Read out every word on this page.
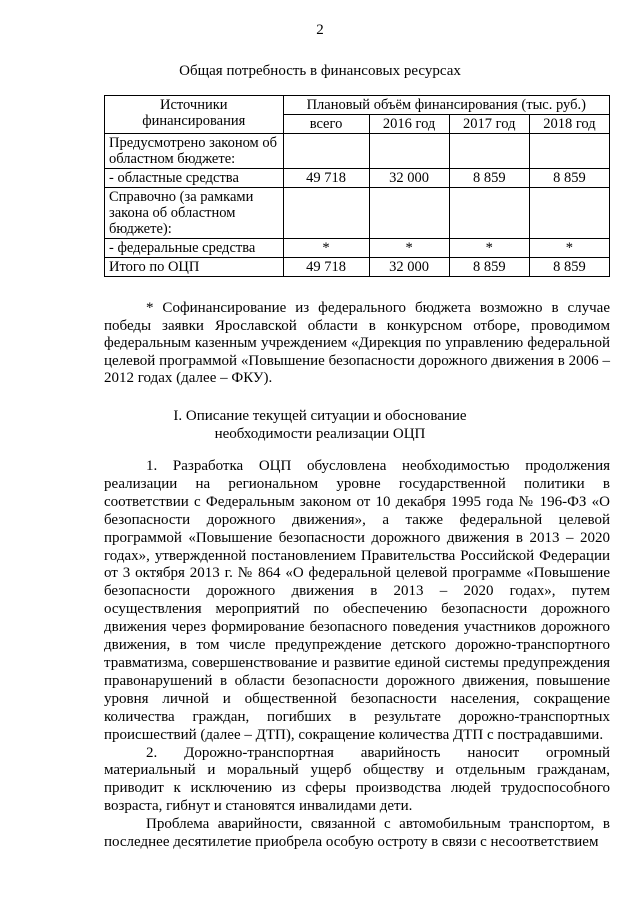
2
Общая потребность в финансовых ресурсах
Источники финансирования	Плановый объём финансирования (тыс. руб.)			
	всего	2016 год	2017 год	2018 год
Предусмотрено законом об областном бюджете:				
- областные средства	49 718	32 000	8 859	8 859
Справочно (за рамками закона об областном бюджете):				
- федеральные средства	*	*	*	*
Итого по ОЦП	49 718	32 000	8 859	8 859

* Софинансирование из федерального бюджета возможно в случае победы заявки Ярославской области в конкурсном отборе, проводимом федеральным казенным учреждением «Дирекция по управлению федеральной целевой программой «Повышение безопасности дорожного движения в 2006 – 2012 годах (далее – ФКУ).

I. Описание текущей ситуации и обоснование
необходимости реализации ОЦП

1. Разработка ОЦП обусловлена необходимостью продолжения реализации на региональном уровне государственной политики в соответствии с Федеральным законом от 10 декабря 1995 года № 196-ФЗ «О безопасности дорожного движения», а также федеральной целевой программой «Повышение безопасности дорожного движения в 2013 – 2020 годах», утвержденной постановлением Правительства Российской Федерации от 3 октября 2013 г. № 864 «О федеральной целевой программе «Повышение безопасности дорожного движения в 2013 – 2020 годах», путем осуществления мероприятий по обеспечению безопасности дорожного движения через формирование безопасного поведения участников дорожного движения, в том числе предупреждение детского дорожно-транспортного травматизма, совершенствование и развитие единой системы предупреждения правонарушений в области безопасности дорожного движения, повышение уровня личной и общественной безопасности населения, сокращение количества граждан, погибших в результате дорожно-транспортных происшествий (далее – ДТП), сокращение количества ДТП с пострадавшими.

2. Дорожно-транспортная аварийность наносит огромный материальный и моральный ущерб обществу и отдельным гражданам, приводит к исключению из сферы производства людей трудоспособного возраста, гибнут и становятся инвалидами дети.

Проблема аварийности, связанной с автомобильным транспортом, в последнее десятилетие приобрела особую остроту в связи с несоответствием
